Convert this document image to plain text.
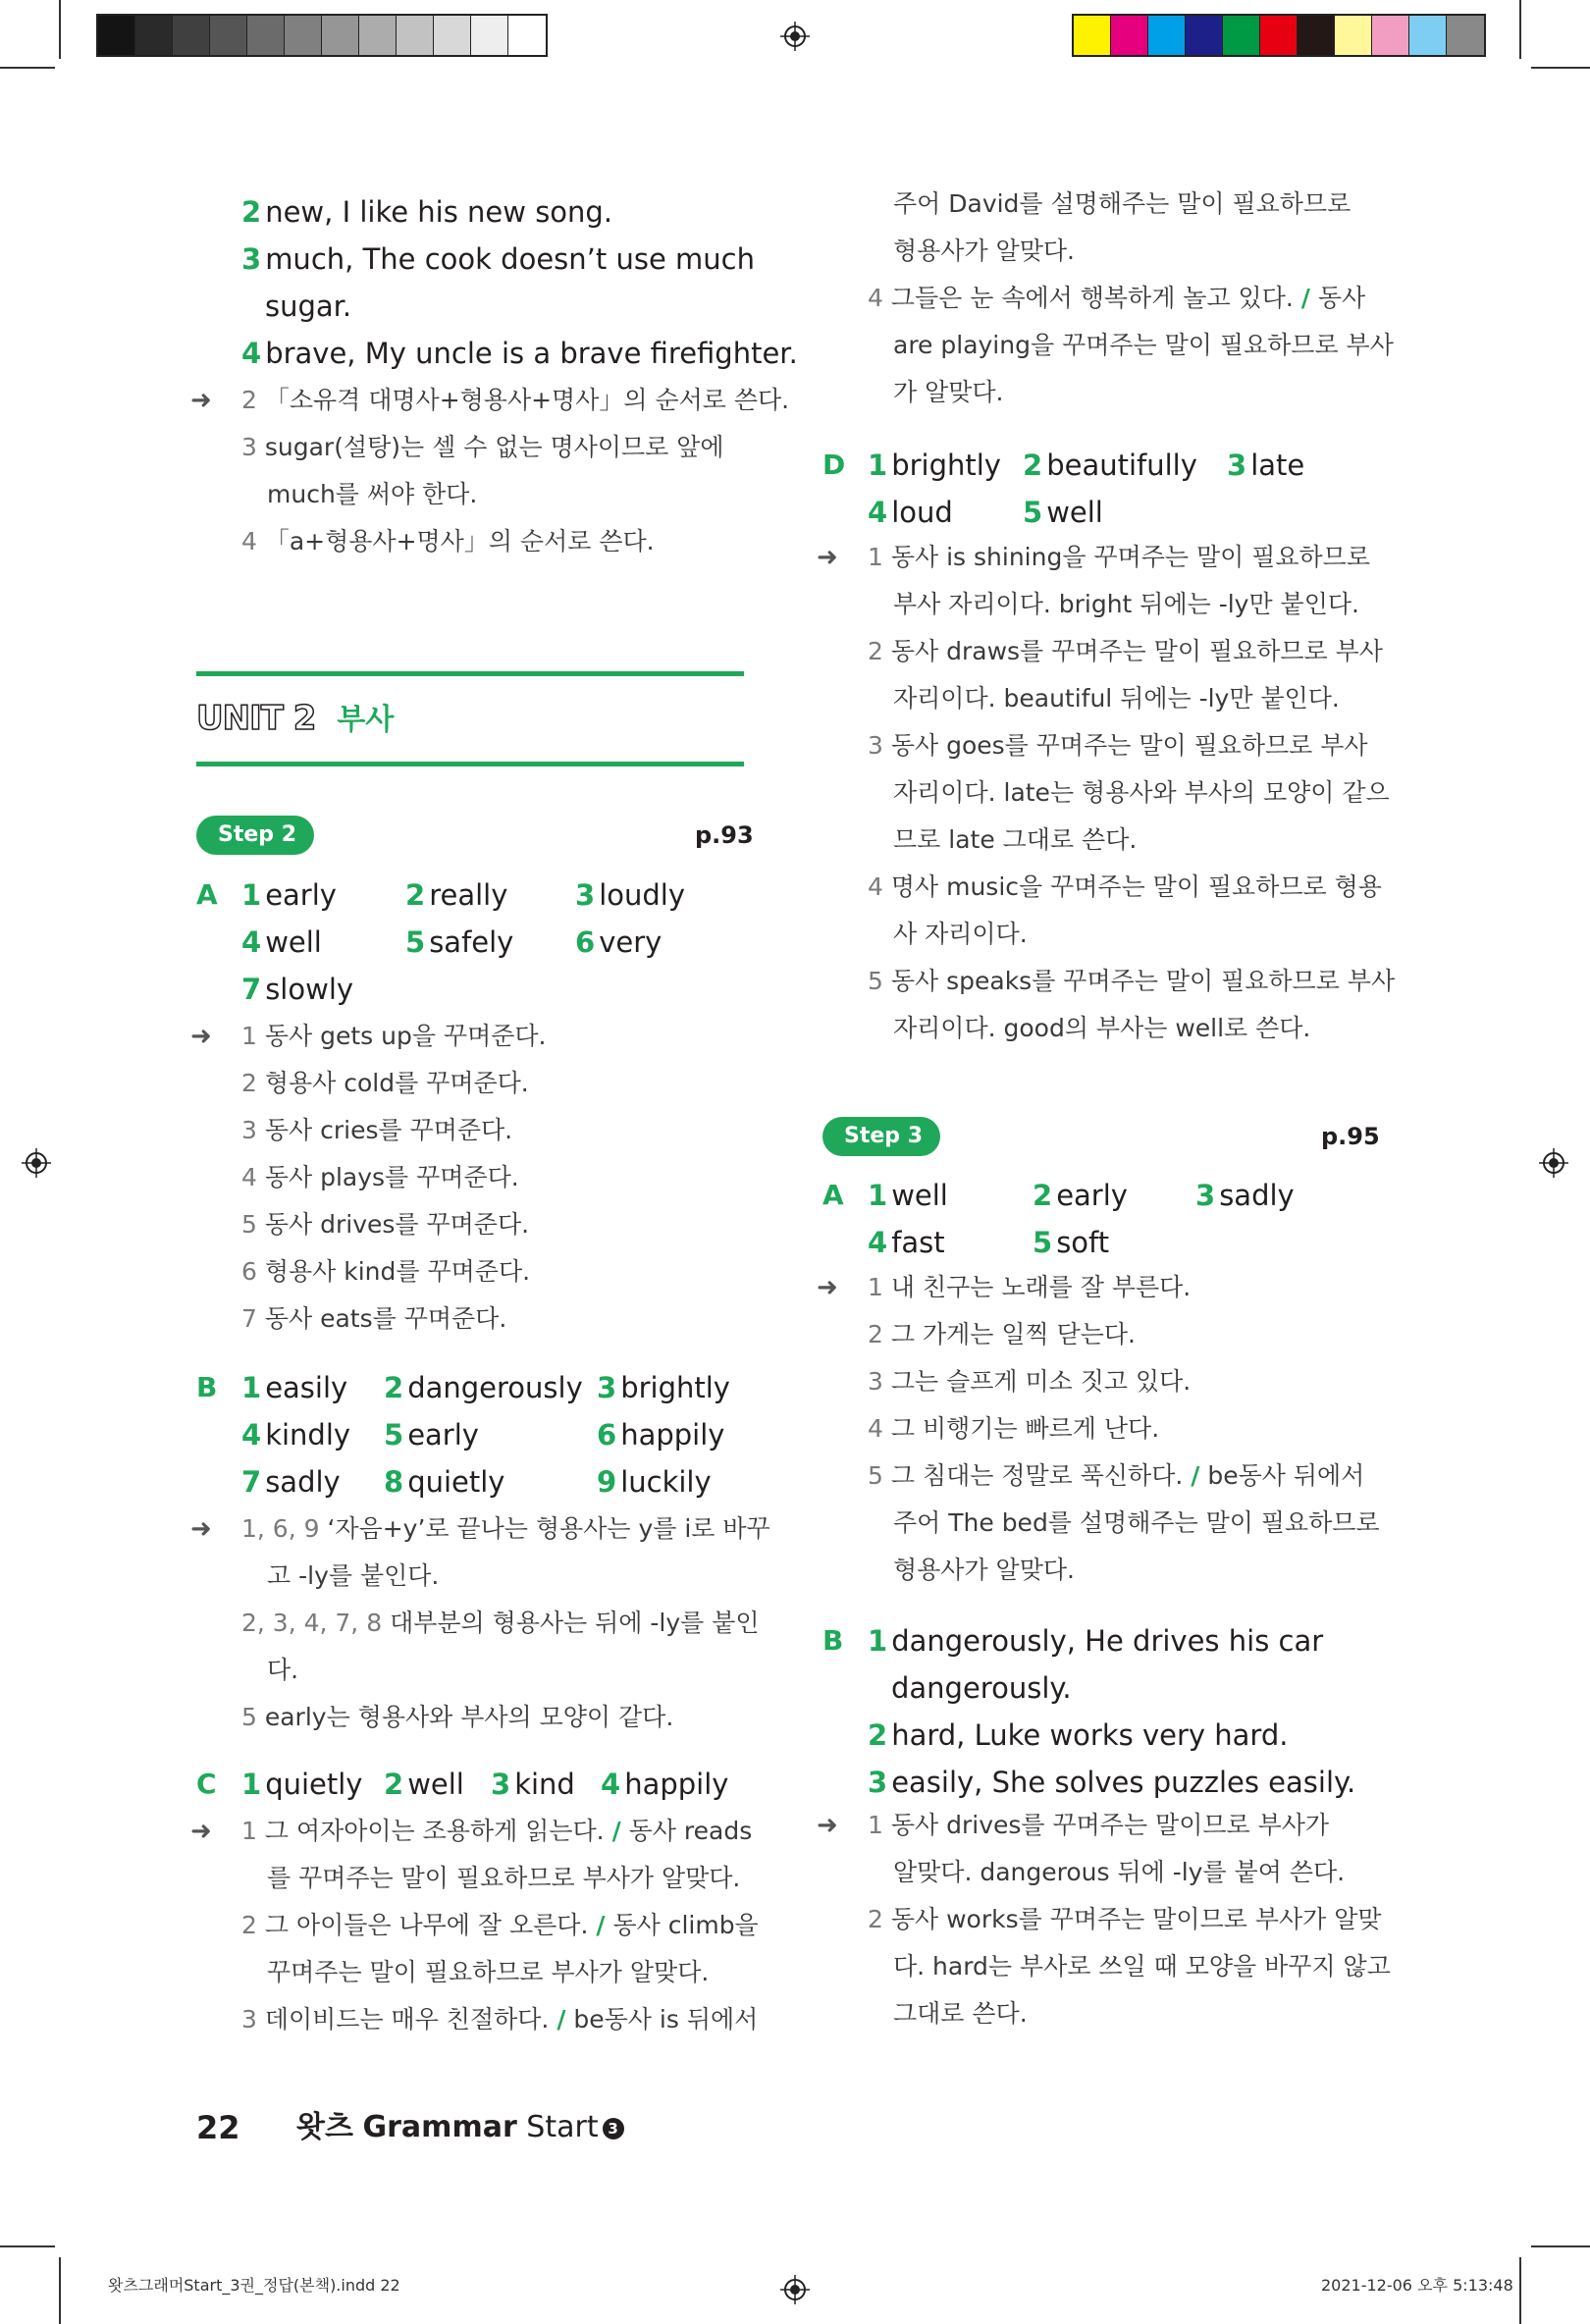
2 new, I like his new song.
3 much, The cook doesn’t use much
sugar.
4 brave, My uncle is a brave firefighter.
➜ 2 「소유격 대명사+형용사+명사」의 순서로 쓴다.
3 sugar(설탕)는 셀 수 없는 명사이므로 앞에
much를 써야 한다.
4 「a+형용사+명사」의 순서로 쓴다.
A 1 early 2 really 3 loudly
4 well	5 safely 6 very
7 slowly
➜ 1 동사 gets up을 꾸며준다.
2 형용사 cold를 꾸며준다.
3 동사 cries를 꾸며준다.
4 동사 plays를 꾸며준다.
5 동사 drives를 꾸며준다.
6 형용사 kind를 꾸며준다.
7 동사 eats를 꾸며준다.
B 1 easily 2 dangerously 3 brightly
4 kindly 5 early	6 happily
7 sadly 8 quietly	9 luckily
➜ 1, 6, 9 ‘자음+y’로 끝나는 형용사는 y를 i로 바꾸
고 -ly를 붙인다.
2, 3, 4, 7, 8 대부분의 형용사는 뒤에 -ly를 붙인
다.
5 early는 형용사와 부사의 모양이 같다.
C 1 quietly 2 well 3 kind 4 happily
➜ 1 그 여자아이는 조용하게 읽는다. / 동사 reads
를 꾸며주는 말이 필요하므로 부사가 알맞다.
2 그 아이들은 나무에 잘 오른다. / 동사 climb을
꾸며주는 말이 필요하므로 부사가 알맞다.
3 데이비드는 매우 친절하다. / be동사 is 뒤에서
주어 David를 설명해주는 말이 필요하므로
형용사가 알맞다.
4 그들은 눈 속에서 행복하게 놀고 있다. / 동사
are playing을 꾸며주는 말이 필요하므로 부사
가 알맞다.
D 1 brightly 2 beautifully 3 late
4 loud 5 well
➜ 1 동사 is shining을 꾸며주는 말이 필요하므로
부사 자리이다. bright 뒤에는 -ly만 붙인다.
2 동사 draws를 꾸며주는 말이 필요하므로 부사
자리이다. beautiful 뒤에는 -ly만 붙인다.
3 동사 goes를 꾸며주는 말이 필요하므로 부사
자리이다. late는 형용사와 부사의 모양이 같으
므로 late 그대로 쓴다.
4 명사 music을 꾸며주는 말이 필요하므로 형용
사 자리이다.
5 동사 speaks를 꾸며주는 말이 필요하므로 부사
자리이다. good의 부사는 well로 쓴다.
A 1 well	2 early 3 sadly
4 fast	5 soft
➜ 1 내 친구는 노래를 잘 부른다.
2 그 가게는 일찍 닫는다.
3 그는 슬프게 미소 짓고 있다.
4 그 비행기는 빠르게 난다.
5 그 침대는 정말로 푹신하다. / be동사 뒤에서
주어 The bed를 설명해주는 말이 필요하므로
형용사가 알맞다.
B 1 dangerously, He drives his car
dangerously.
2 hard, Luke works very hard.
3 easily, She solves puzzles easily.
➜ 1 동사 drives를 꾸며주는 말이므로 부사가
알맞다. dangerous 뒤에 -ly를 붙여 쓴다.
2 동사 works를 꾸며주는 말이므로 부사가 알맞
다. hard는 부사로 쓰일 때 모양을 바꾸지 않고
그대로 쓴다.
UNIT 2 부사
Step 2	p.93
Step 3	p.95
22 왓츠 Grammar Start 3
왓츠그래머Start_3권_정답(본책).indd 22	2021-12-06 오후 5:13:48
